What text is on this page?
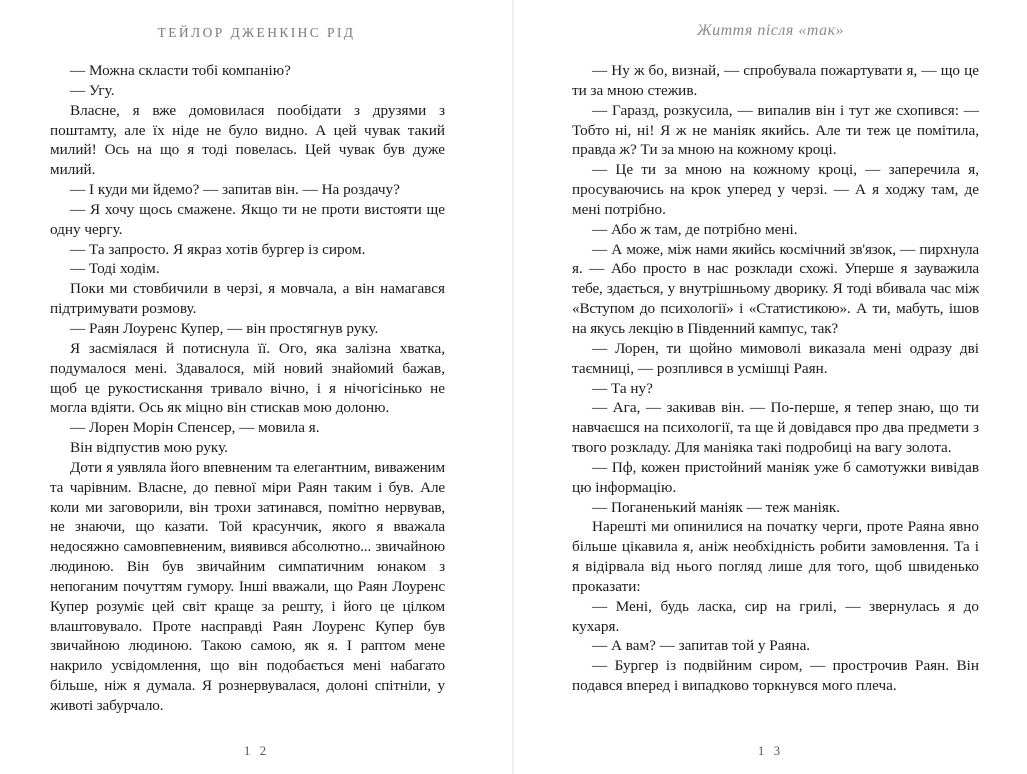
ТЕЙЛОР ДЖЕНКІНС РІД

— Можна скласти тобі компанію?

— Угу.

Власне, я вже домовилася пообідати з друзями з поштамту, але їх ніде не було видно. А цей чувак такий милий! Ось на що я тоді повелась. Цей чувак був дуже милий.

— І куди ми йдемо? — запитав він. — На роздачу?

— Я хочу щось смажене. Якщо ти не проти вистояти ще одну чергу.

— Та запросто. Я якраз хотів бургер із сиром.

— Тоді ходім.

Поки ми стовбичили в черзі, я мовчала, а він намагався підтримувати розмову.

— Раян Лоуренс Купер, — він простягнув руку.

Я засміялася й потиснула її. Ого, яка залізна хватка, подумалося мені. Здавалося, мій новий знайомий бажав, щоб це рукостискання тривало вічно, і я нічогісінько не могла вдіяти. Ось як міцно він стискав мою долоню.

— Лорен Морін Спенсер, — мовила я.

Він відпустив мою руку.

Доти я уявляла його впевненим та елегантним, виваженим та чарівним. Власне, до певної міри Раян таким і був. Але коли ми заговорили, він трохи затинався, помітно нервував, не знаючи, що казати. Той красунчик, якого я вважала недосяжно самовпевненим, виявився абсолютно... звичайною людиною. Він був звичайним симпатичним юнаком з непоганим почуттям гумору. Інші вважали, що Раян Лоуренс Купер розуміє цей світ краще за решту, і його це цілком влаштовувало. Проте насправді Раян Лоуренс Купер був звичайною людиною. Такою самою, як я. І раптом мене накрило усвідомлення, що він подобається мені набагато більше, ніж я думала. Я рознервувалася, долоні спітніли, у животі забурчало.

1 2
Життя після «так»

— Ну ж бо, визнай, — спробувала пожартувати я, — що це ти за мною стежив.

— Гаразд, розкусила, — випалив він і тут же схопився: — Тобто ні, ні! Я ж не маніяк якийсь. Але ти теж це помітила, правда ж? Ти за мною на кожному кроці.

— Це ти за мною на кожному кроці, — заперечила я, просуваючись на крок уперед у черзі. — А я ходжу там, де мені потрібно.

— Або ж там, де потрібно мені.

— А може, між нами якийсь космічний зв'язок, — пирхнула я. — Або просто в нас розклади схожі. Уперше я зауважила тебе, здається, у внутрішньому дворику. Я тоді вбивала час між «Вступом до психології» і «Статистикою». А ти, мабуть, ішов на якусь лекцію в Південний кампус, так?

— Лорен, ти щойно мимоволі виказала мені одразу дві таємниці, — розплився в усмішці Раян.

— Та ну?

— Ага, — закивав він. — По-перше, я тепер знаю, що ти навчаєшся на психології, та ще й довідався про два предмети з твого розкладу. Для маніяка такі подробиці на вагу золота.

— Пф, кожен пристойний маніяк уже б самотужки вивідав цю інформацію.

— Поганенький маніяк — теж маніяк.

Нарешті ми опинилися на початку черги, проте Раяна явно більше цікавила я, аніж необхідність робити замовлення. Та і я відірвала від нього погляд лише для того, щоб швиденько проказати:

— Мені, будь ласка, сир на грилі, — звернулась я до кухаря.

— А вам? — запитав той у Раяна.

— Бургер із подвійним сиром, — прострочив Раян. Він подався вперед і випадково торкнувся мого плеча.

1 3
